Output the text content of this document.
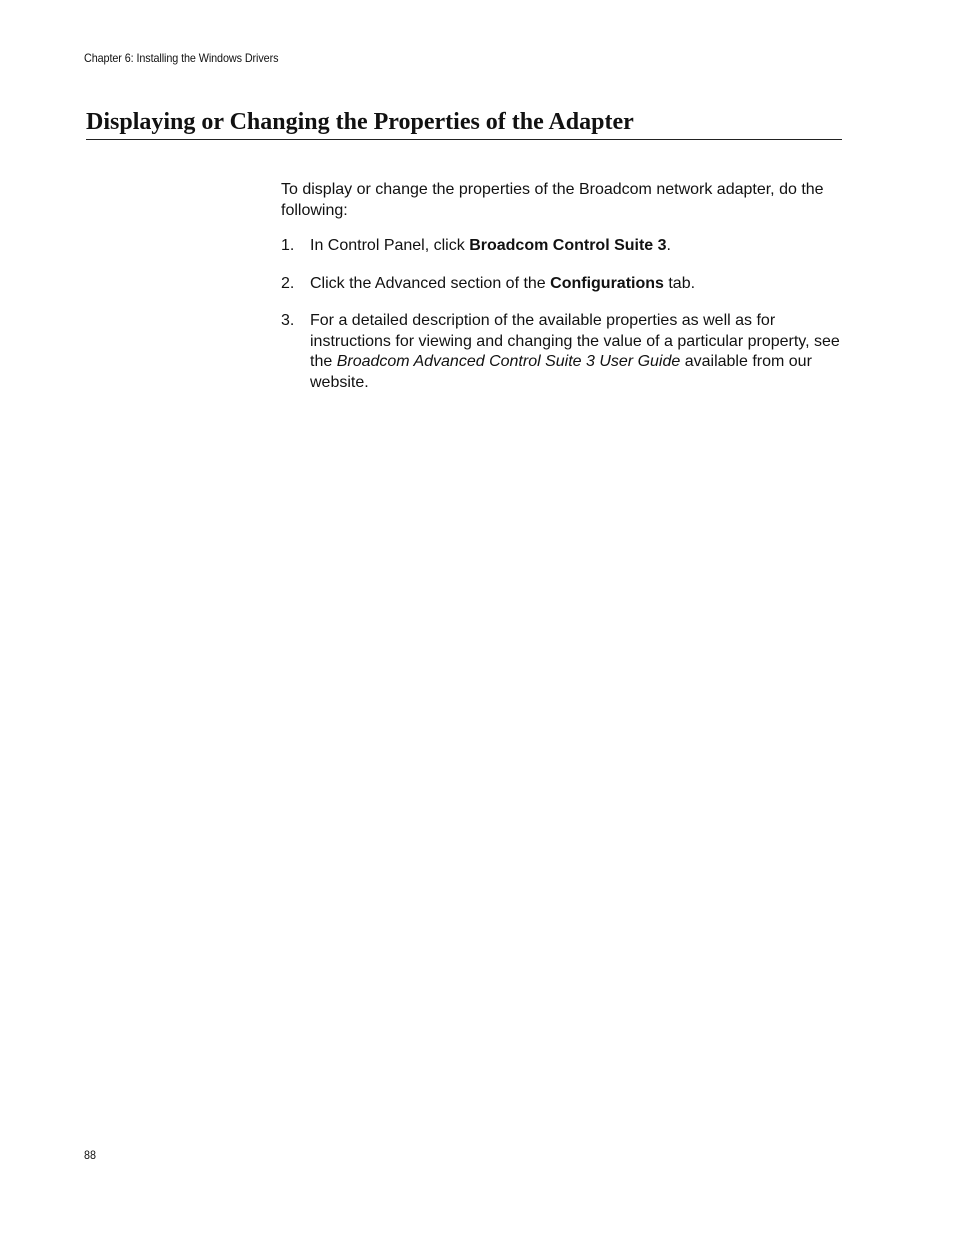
Chapter 6: Installing the Windows Drivers
Displaying or Changing the Properties of the Adapter

To display or change the properties of the Broadcom network adapter, do the following:

1. In Control Panel, click Broadcom Control Suite 3.
2. Click the Advanced section of the Configurations tab.
3. For a detailed description of the available properties as well as for instructions for viewing and changing the value of a particular property, see the Broadcom Advanced Control Suite 3 User Guide available from our website.
88
